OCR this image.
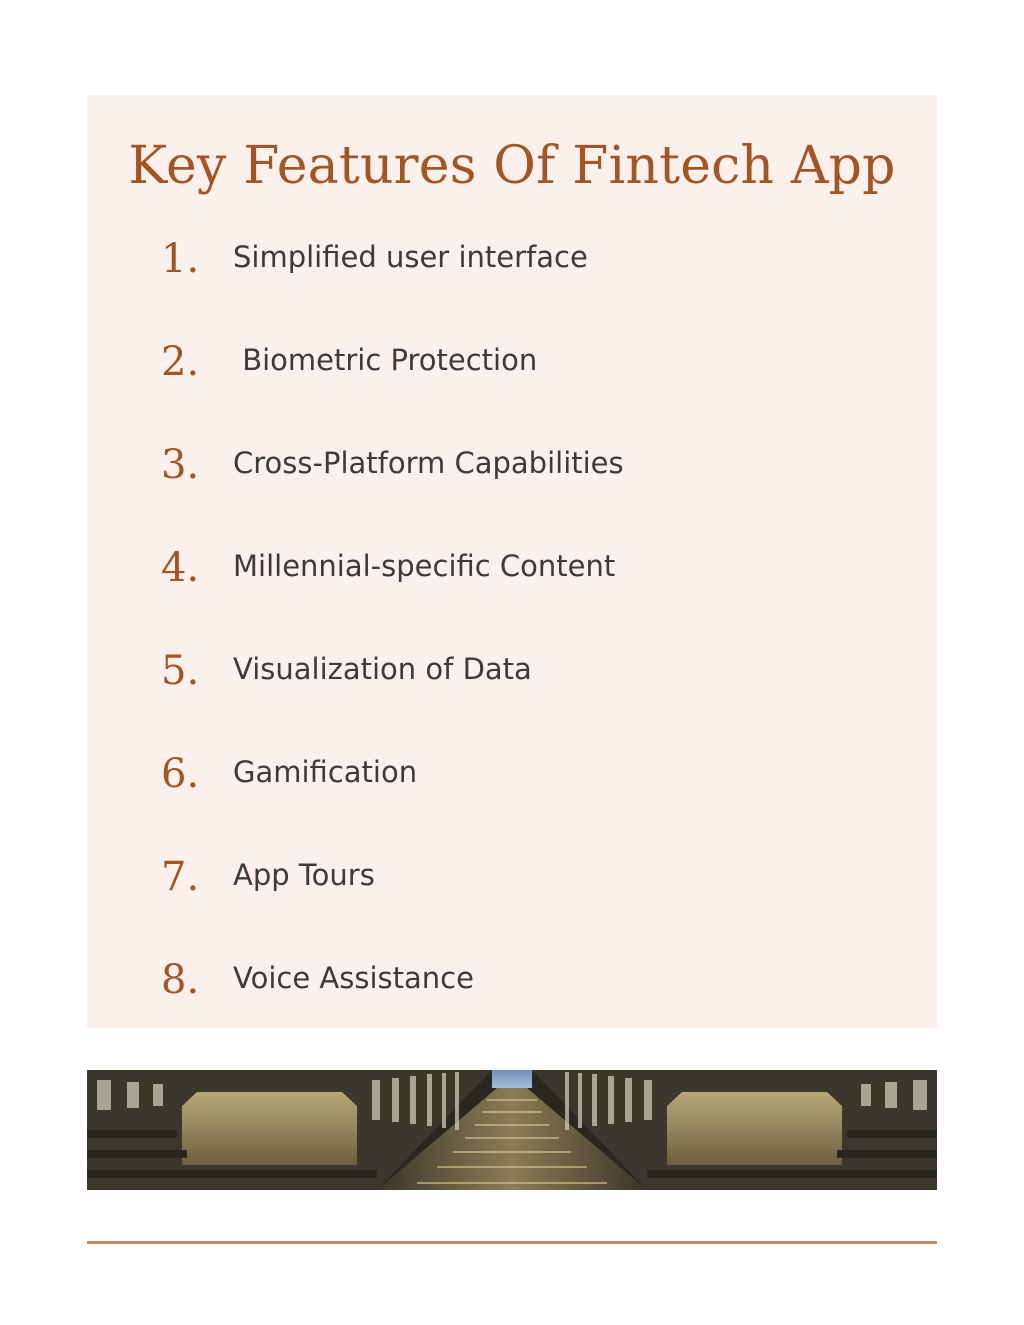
Key Features Of Fintech App
1.	Simplified user interface
2.	Biometric Protection
3.	Cross-Platform Capabilities
4.	Millennial-specific Content
5.	Visualization of Data
6.	Gamification
7.	App Tours
8.	Voice Assistance
